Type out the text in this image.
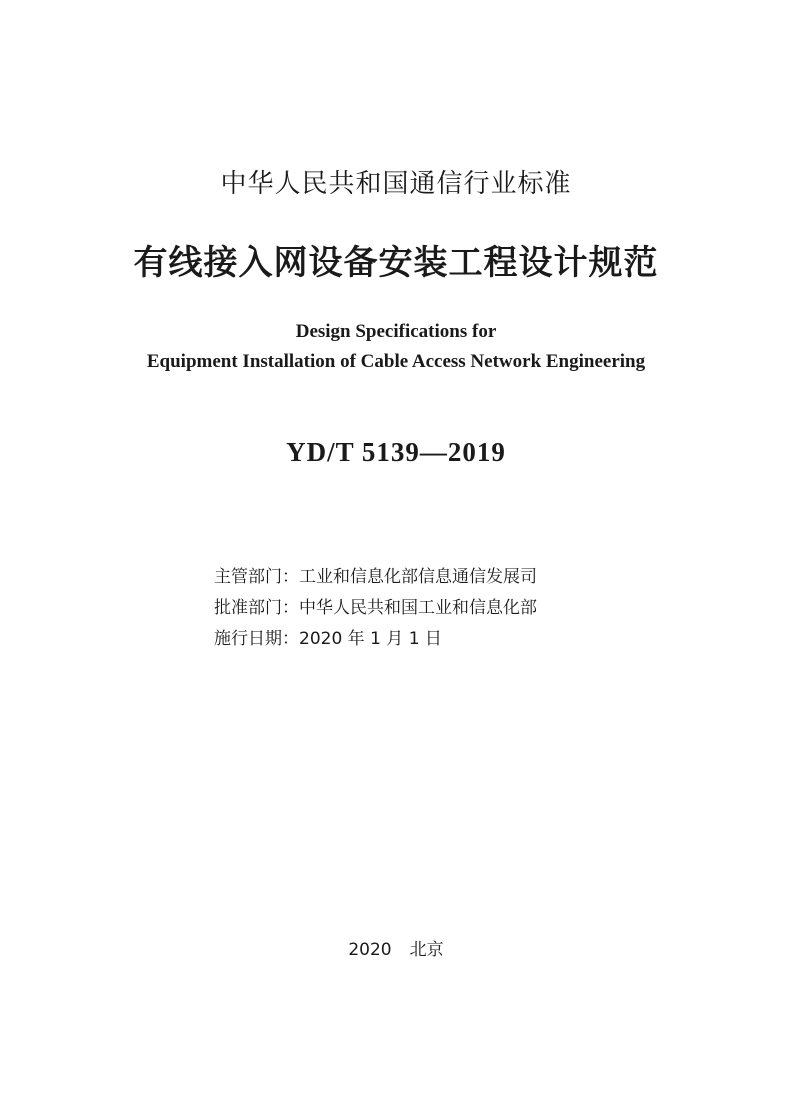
中华人民共和国通信行业标准
有线接入网设备安装工程设计规范
Design Specifications for
Equipment Installation of Cable Access Network Engineering
YD/T 5139—2019
主管部门：工业和信息化部信息通信发展司
批准部门：中华人民共和国工业和信息化部
施行日期：2020 年 1 月 1 日
2020 北京
